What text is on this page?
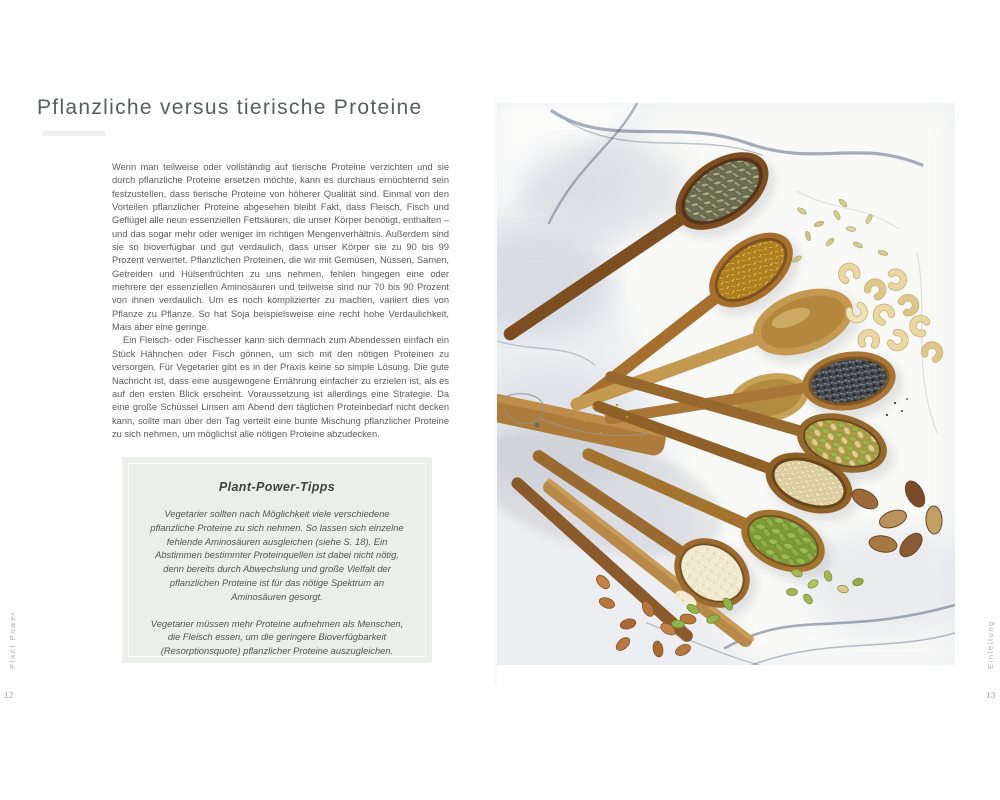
Pflanzliche versus tierische Proteine

Wenn man teilweise oder vollständig auf tierische Proteine verzichten und sie durch pflanzliche Proteine ersetzen möchte, kann es durchaus ernüchternd sein festzustellen, dass tierische Proteine von höherer Qualität sind. Einmal von den Vorteilen pflanzlicher Proteine abgesehen bleibt Fakt, dass Fleisch, Fisch und Geflügel alle neun essenziellen Fettsäuren, die unser Körper benötigt, enthalten – und das sogar mehr oder weniger im richtigen Mengenverhältnis. Außerdem sind sie so bioverfügbar und gut verdaulich, dass unser Körper sie zu 90 bis 99 Prozent verwertet. Pflanzlichen Proteinen, die wir mit Gemüsen, Nüssen, Samen, Getreiden und Hülsenfrüchten zu uns nehmen, fehlen hingegen eine oder mehrere der essenziellen Aminosäuren und teilweise sind nur 70 bis 90 Prozent von ihnen verdaulich. Um es noch komplizierter zu machen, variiert dies von Pflanze zu Pflanze. So hat Soja beispielsweise eine recht hohe Verdaulichkeit, Mais aber eine geringe.

Ein Fleisch- oder Fischesser kann sich demnach zum Abendessen einfach ein Stück Hähnchen oder Fisch gönnen, um sich mit den nötigen Proteinen zu versorgen. Für Vegetarier gibt es in der Praxis keine so simple Lösung. Die gute Nachricht ist, dass eine ausgewogene Ernährung einfacher zu erzielen ist, als es auf den ersten Blick erscheint. Voraussetzung ist allerdings eine Strategie. Da eine große Schüssel Linsen am Abend den täglichen Proteinbedarf nicht decken kann, sollte man über den Tag verteilt eine bunte Mischung pflanzlicher Proteine zu sich nehmen, um möglichst alle nötigen Proteine abzudecken.

Plant-Power-Tipps

Vegetarier sollten nach Möglichkeit viele verschiedene pflanzliche Proteine zu sich nehmen. So lassen sich einzelne fehlende Aminosäuren ausgleichen (siehe S. 18). Ein Abstimmen bestimmter Proteinquellen ist dabei nicht nötig, denn bereits durch Abwechslung und große Vielfalt der pflanzlichen Proteine ist für das nötige Spektrum an Aminosäuren gesorgt.

Vegetarier müssen mehr Proteine aufnehmen als Menschen, die Fleisch essen, um die geringere Bioverfügbarkeit (Resorptionsquote) pflanzlicher Proteine auszugleichen.

Plant Power
12
Einleitung
13
